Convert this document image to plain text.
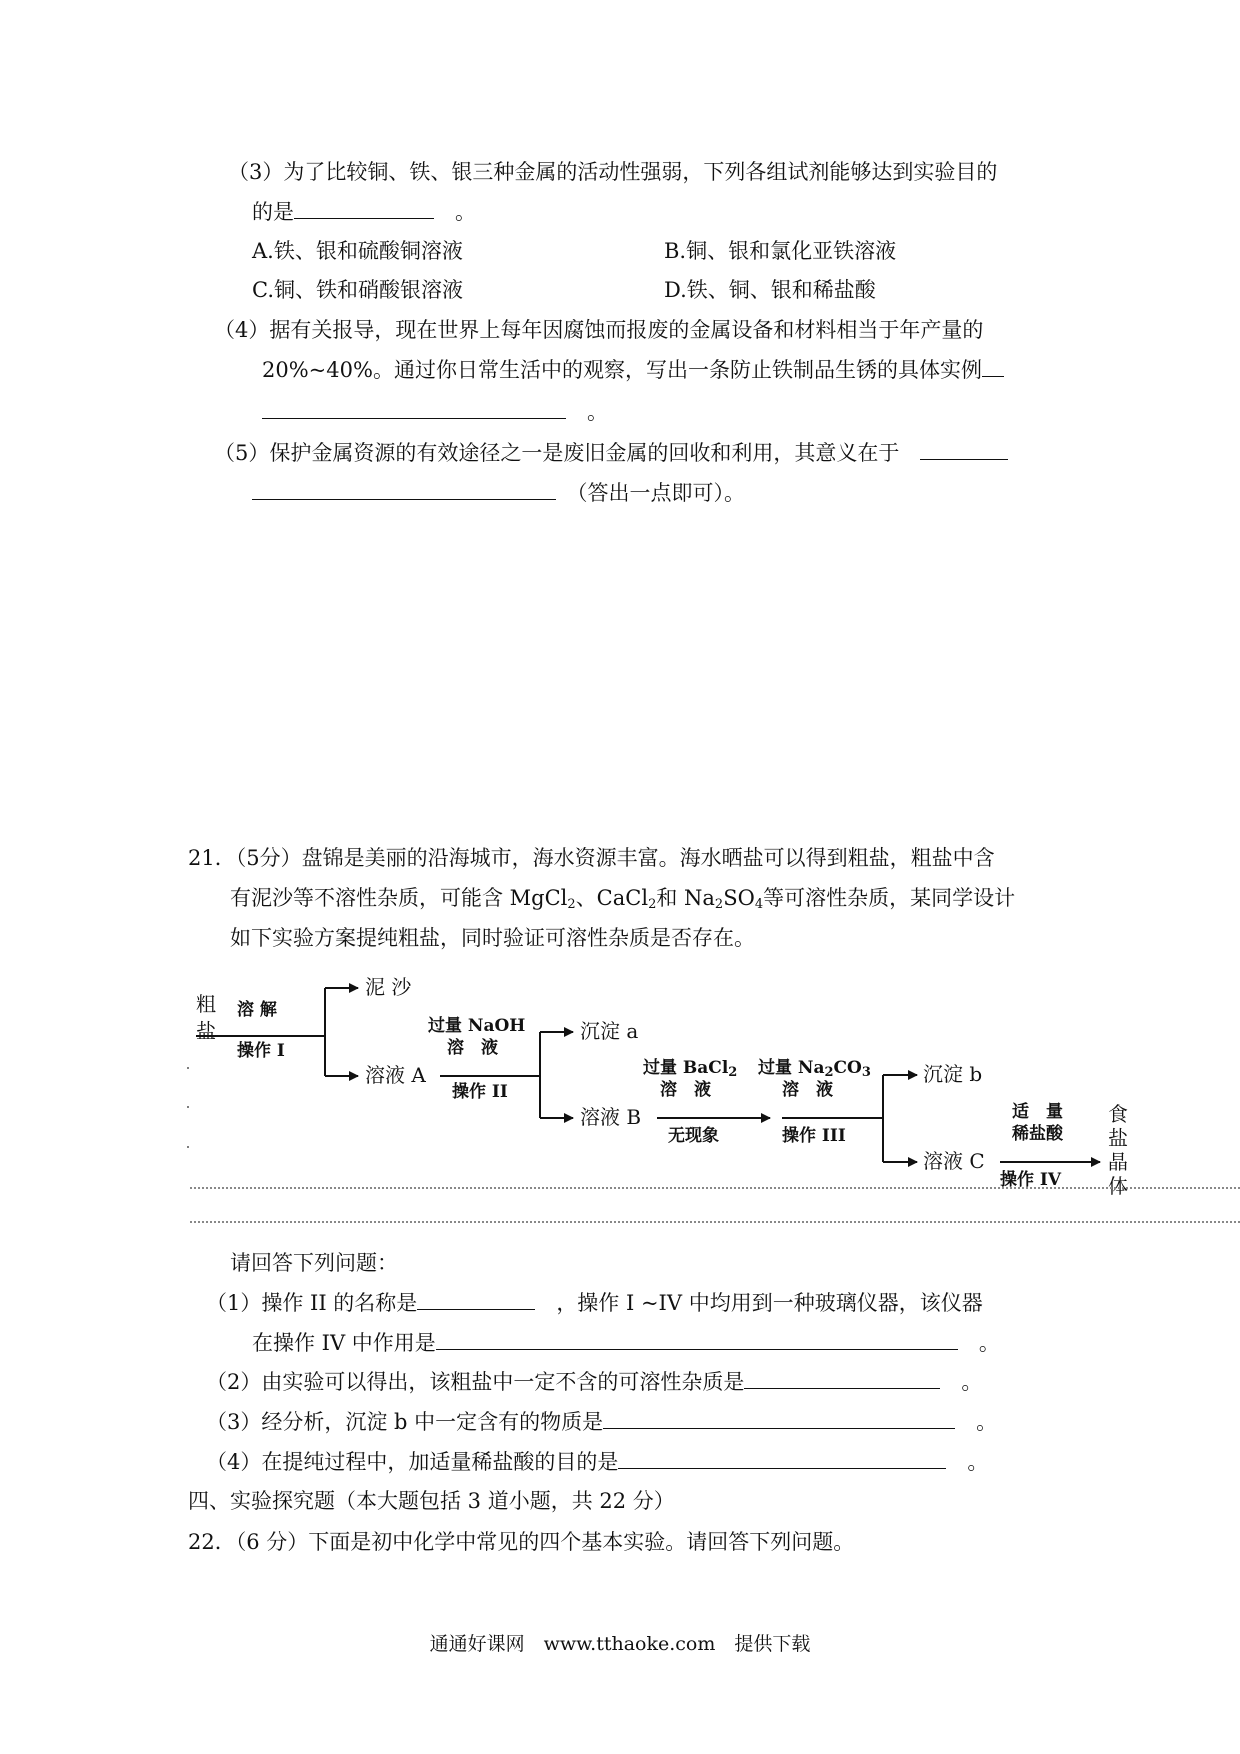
（3）为了比较铜、铁、银三种金属的活动性强弱，下列各组试剂能够达到实验目的
的是　	。
A.铁、银和硫酸铜溶液	B.铜、银和氯化亚铁溶液
C.铜、铁和硝酸银溶液	D.铁、铜、银和稀盐酸
（4）据有关报导，现在世界上每年因腐蚀而报废的金属设备和材料相当于年产量的
20%~40%。通过你日常生活中的观察，写出一条防止铁制品生锈的具体实例
　。
（5）保护金属资源的有效途径之一是废旧金属的回收和利用，其意义在于　
　（答出一点即可）。
21．（5分）盘锦是美丽的沿海城市，海水资源丰富。海水晒盐可以得到粗盐，粗盐中含
有泥沙等不溶性杂质，可能含 MgCl$_2$、CaCl$_2$和 $Na_2SO_4$等可溶性杂质，某同学设计
如下实验方案提纯粗盐，同时验证可溶性杂质是否存在。
粗
盐
溶 解
操作 I
泥 沙
溶液 A
过量 NaOH
溶　液
操作 II
沉淀 a
溶液 B
过量 BaCl$_2$
溶　液
无现象
过量 $Na_2CO_3$
溶　液
操作 III
沉淀 b
溶液 C
适　量
稀盐酸
操作 IV
食
盐
晶
体
请回答下列问题：
（1）操作 II 的名称是　	，操作 I ~IV 中均用到一种玻璃仪器，该仪器
在操作 IV 中作用是　	。
（2）由实验可以得出，该粗盐中一定不含的可溶性杂质是　	。
（3）经分析，沉淀 b 中一定含有的物质是　	。
（4）在提纯过程中，加适量稀盐酸的目的是　	。
四、实验探究题（本大题包括 3 道小题，共 22 分）
22．（6 分）下面是初中化学中常见的四个基本实验。请回答下列问题。
通通好课网　www.tthaoke.com　提供下载
